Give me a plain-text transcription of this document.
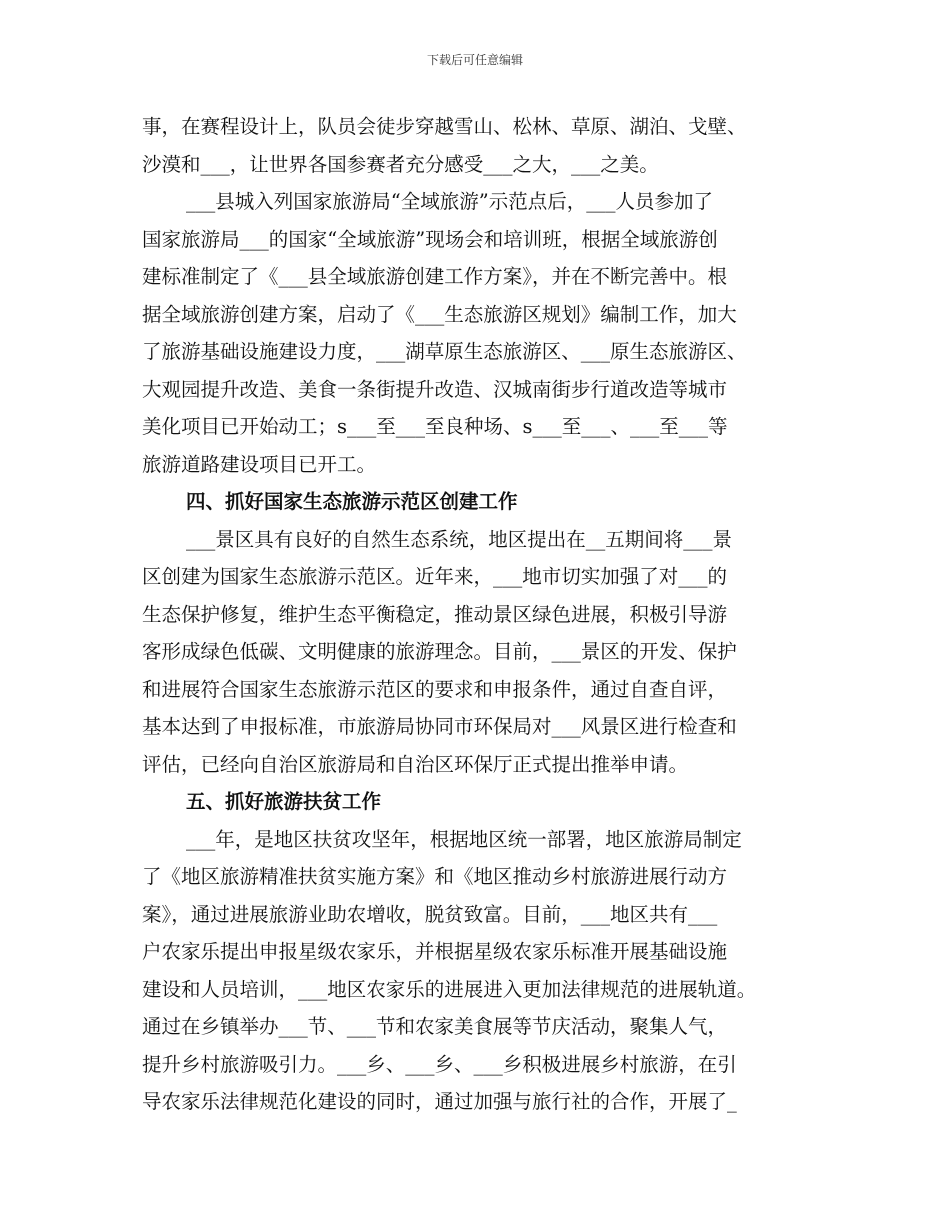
下载后可任意编辑
事，在赛程设计上，队员会徒步穿越雪山、松林、草原、湖泊、戈壁、
沙漠和___，让世界各国参赛者充分感受___之大，___之美。
___县城入列国家旅游局“全域旅游”示范点后，___人员参加了
国家旅游局___的国家“全域旅游”现场会和培训班，根据全域旅游创
建标准制定了《___县全域旅游创建工作方案》，并在不断完善中。根
据全域旅游创建方案，启动了《___生态旅游区规划》编制工作，加大
了旅游基础设施建设力度，___湖草原生态旅游区、___原生态旅游区、
大观园提升改造、美食一条街提升改造、汉城南街步行道改造等城市
美化项目已开始动工；s___至___至良种场、s___至___、___至___等
旅游道路建设项目已开工。
四、抓好国家生态旅游示范区创建工作
___景区具有良好的自然生态系统，地区提出在__五期间将___景
区创建为国家生态旅游示范区。近年来，___地市切实加强了对___的
生态保护修复，维护生态平衡稳定，推动景区绿色进展，积极引导游
客形成绿色低碳、文明健康的旅游理念。目前，___景区的开发、保护
和进展符合国家生态旅游示范区的要求和申报条件，通过自查自评，
基本达到了申报标准，市旅游局协同市环保局对___风景区进行检查和
评估，已经向自治区旅游局和自治区环保厅正式提出推举申请。
五、抓好旅游扶贫工作
___年，是地区扶贫攻坚年，根据地区统一部署，地区旅游局制定
了《地区旅游精准扶贫实施方案》和《地区推动乡村旅游进展行动方
案》，通过进展旅游业助农增收，脱贫致富。目前，___地区共有___
户农家乐提出申报星级农家乐，并根据星级农家乐标准开展基础设施
建设和人员培训，___地区农家乐的进展进入更加法律规范的进展轨道。
通过在乡镇举办___节、___节和农家美食展等节庆活动，聚集人气，
提升乡村旅游吸引力。___乡、___乡、___乡积极进展乡村旅游，在引
导农家乐法律规范化建设的同时，通过加强与旅行社的合作，开展了_
